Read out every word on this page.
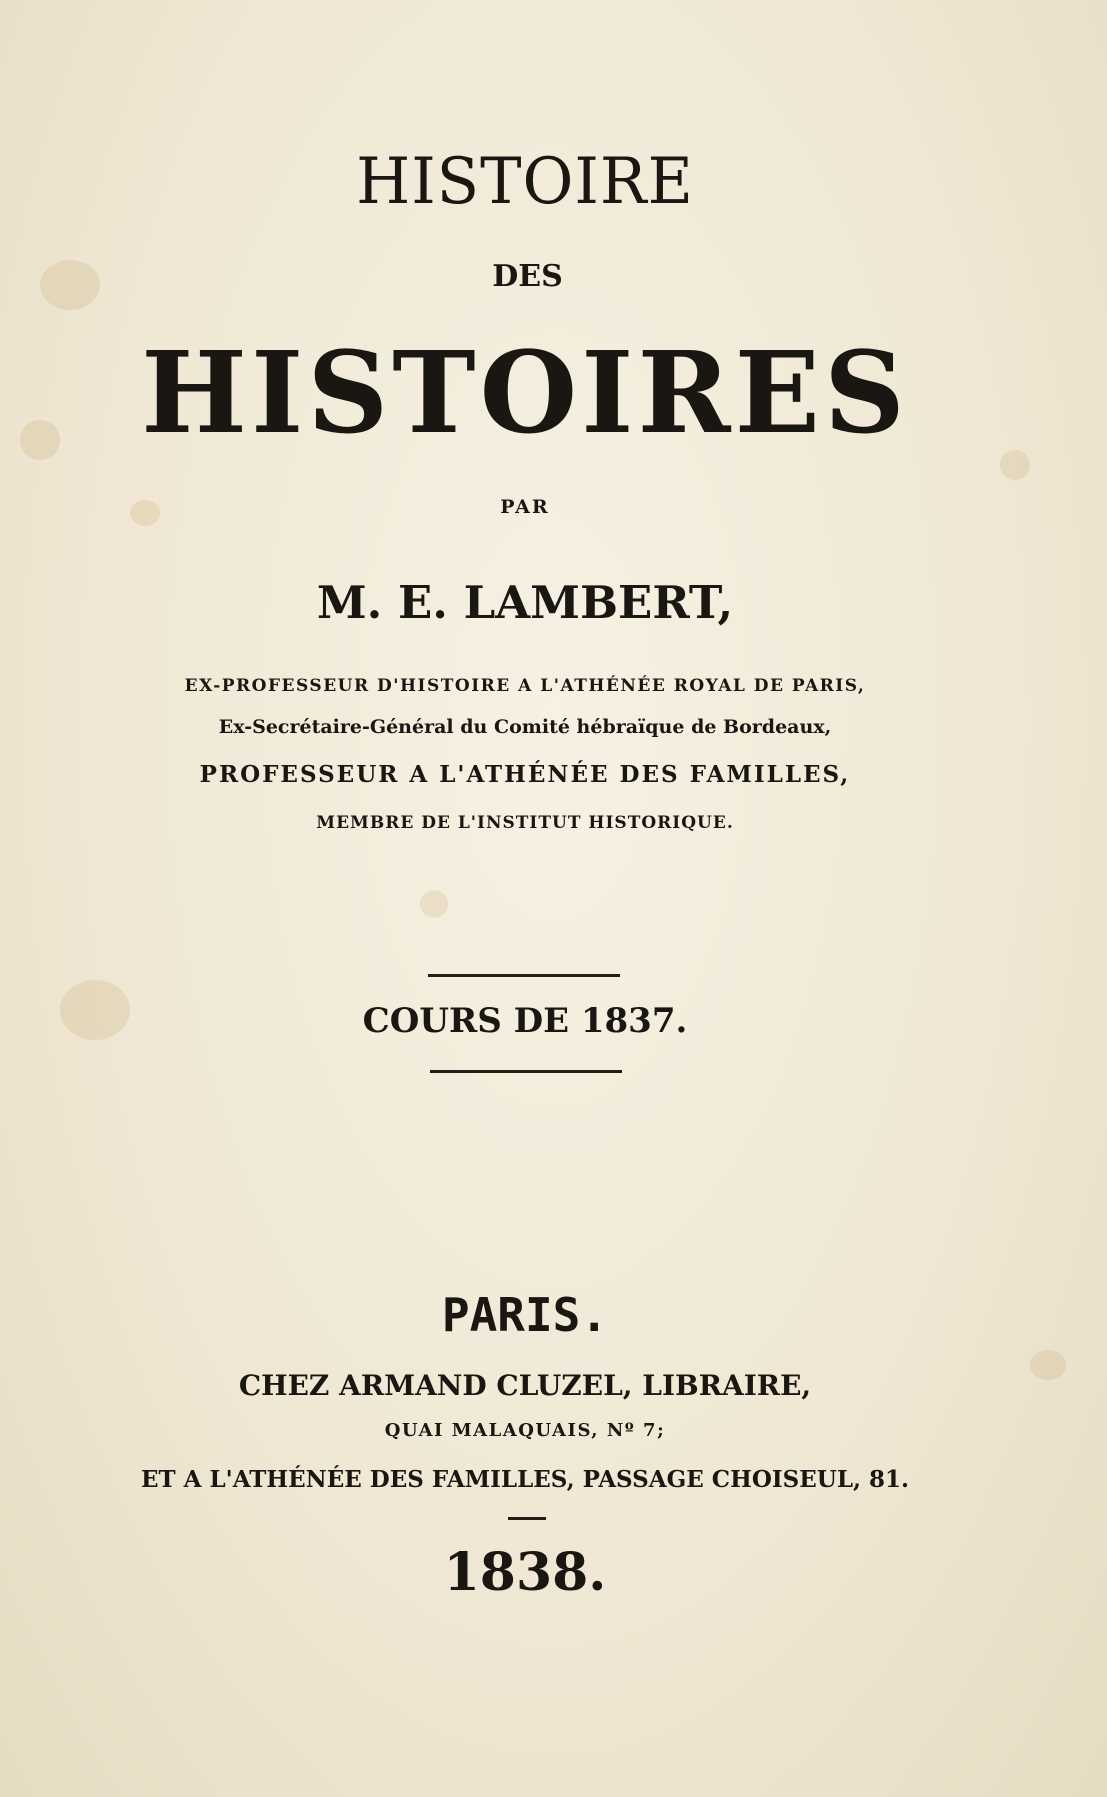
HISTOIRE
DES
HISTOIRES
PAR
M. E. LAMBERT,
EX-PROFESSEUR D'HISTOIRE A L'ATHÉNÉE ROYAL DE PARIS,
Ex-Secrétaire-Général du Comité hébraïque de Bordeaux,
PROFESSEUR A L'ATHÉNÉE DES FAMILLES,
MEMBRE DE L'INSTITUT HISTORIQUE.
COURS DE 1837.
PARIS.
CHEZ ARMAND CLUZEL, LIBRAIRE,
QUAI MALAQUAIS, Nº 7;
ET A L'ATHÉNÉE DES FAMILLES, PASSAGE CHOISEUL, 81.
1838.
